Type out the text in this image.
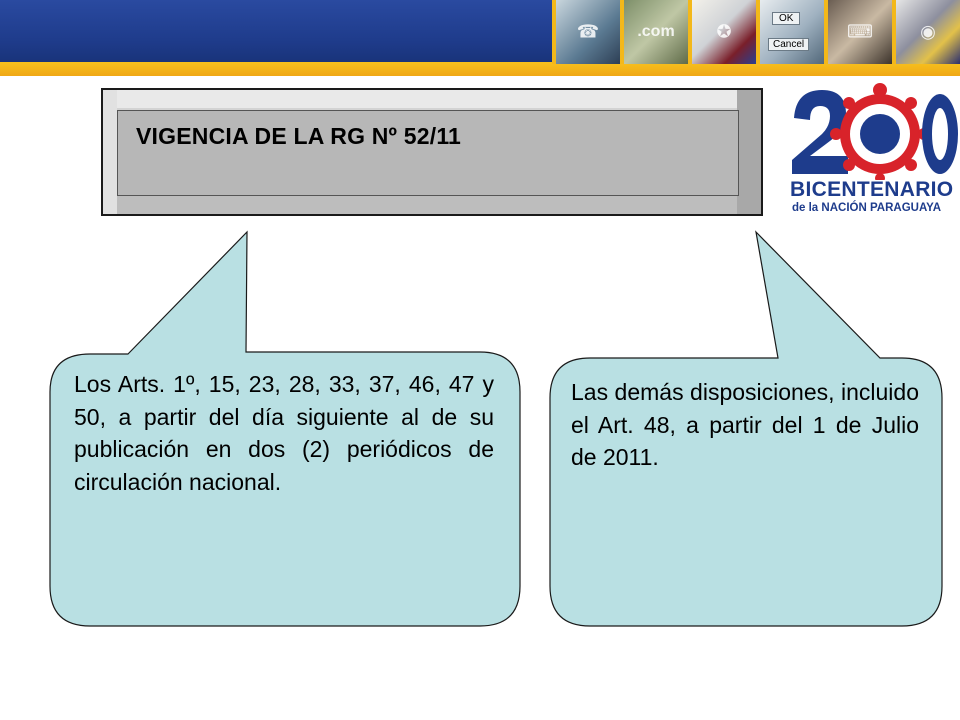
☎ .com ✪
OK
Cancel
⌨	◉
VIGENCIA DE LA RG Nº 52/11
BICENTENARIO
de la NACIÓN PARAGUAYA
Los Arts. 1º, 15, 23, 28, 33, 37, 46, 47 y 50, a partir del día siguiente al de su publicación en dos (2) periódicos de circulación nacional.
Las demás disposiciones, incluido el Art. 48, a partir del 1 de Julio de 2011.
